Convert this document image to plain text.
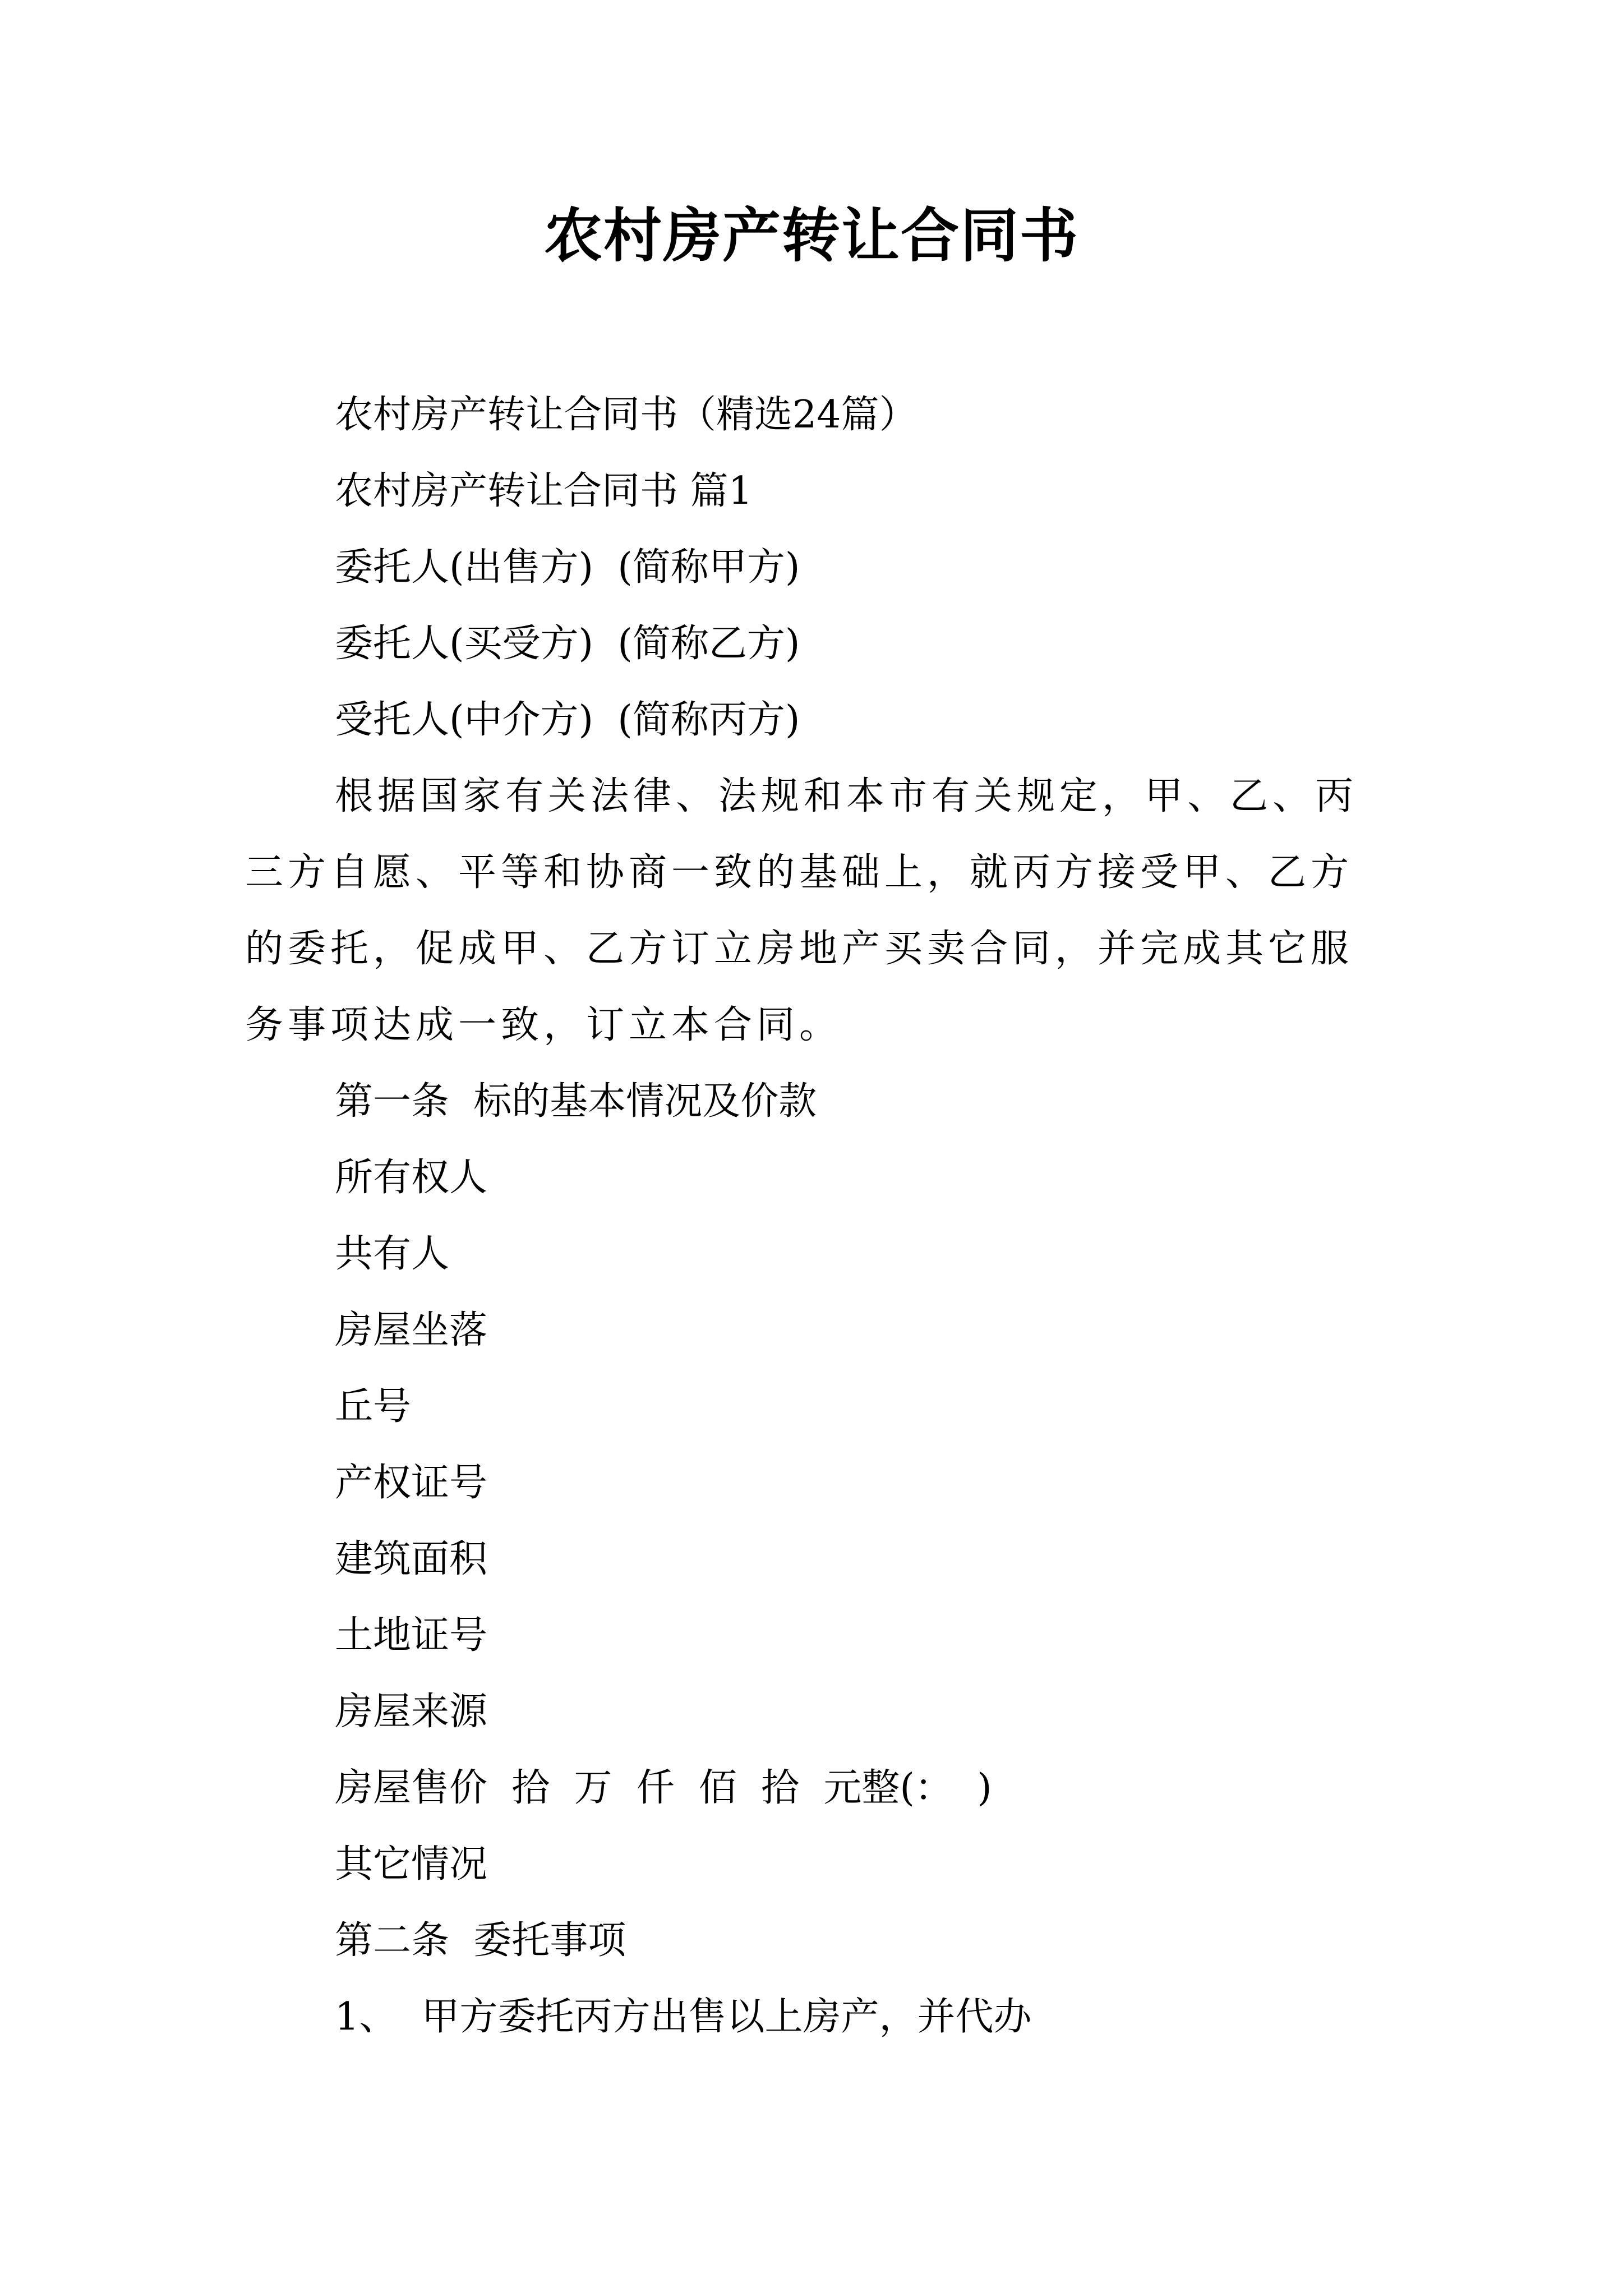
农村房产转让合同书
农村房产转让合同书（精选24篇）
农村房产转让合同书 篇1
委托人(出售方)  (简称甲方)
委托人(买受方)  (简称乙方)
受托人(中介方)  (简称丙方)
根据国家有关法律、法规和本市有关规定，甲、乙、丙三方自愿、平等和协商一致的基础上，就丙方接受甲、乙方的委托，促成甲、乙方订立房地产买卖合同，并完成其它服务事项达成一致，订立本合同。
第一条  标的基本情况及价款
所有权人
共有人
房屋坐落
丘号
产权证号
建筑面积
土地证号
房屋来源
房屋售价  拾  万  仟  佰  拾  元整(：  )
其它情况
第二条  委托事项
1、  甲方委托丙方出售以上房产，并代办
